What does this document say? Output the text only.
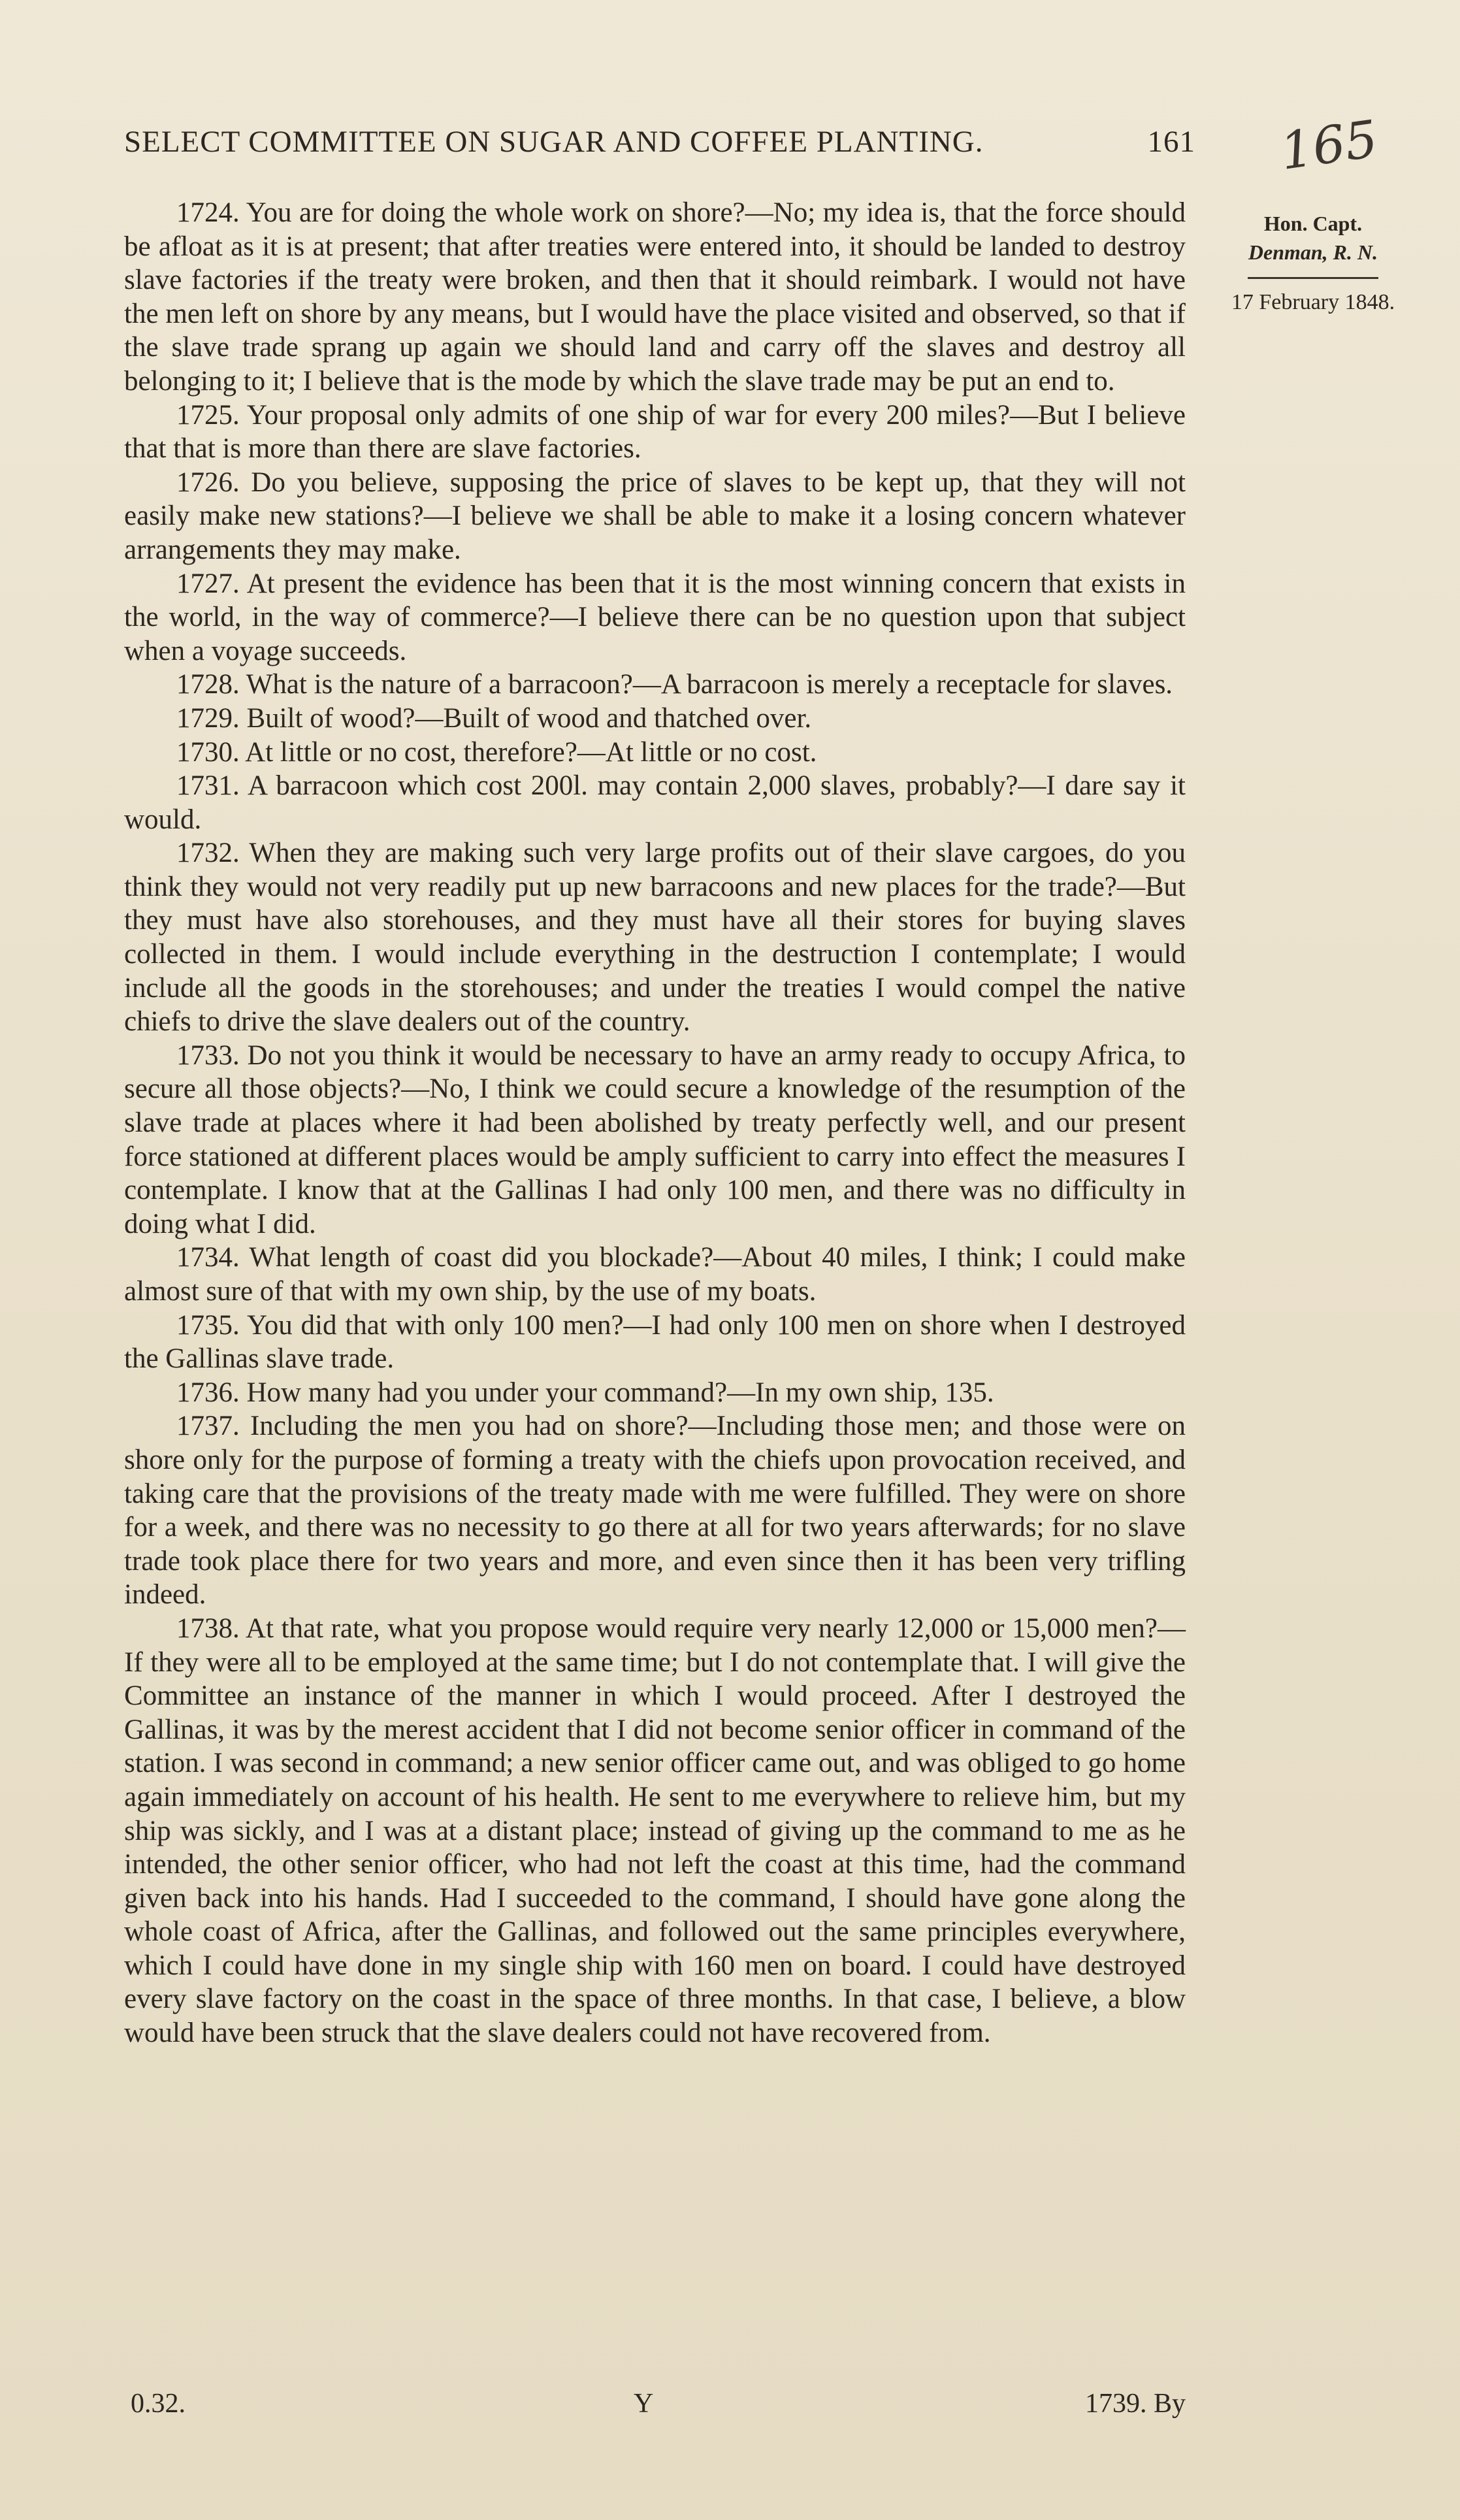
SELECT COMMITTEE ON SUGAR AND COFFEE PLANTING.	161 165
Hon. Capt.
Denman, R. N.
17 February 1848.

1724. You are for doing the whole work on shore?—No; my idea is, that the force should be afloat as it is at present; that after treaties were entered into, it should be landed to destroy slave factories if the treaty were broken, and then that it should reimbark. I would not have the men left on shore by any means, but I would have the place visited and observed, so that if the slave trade sprang up again we should land and carry off the slaves and destroy all belonging to it; I believe that is the mode by which the slave trade may be put an end to.

1725. Your proposal only admits of one ship of war for every 200 miles?—But I believe that that is more than there are slave factories.

1726. Do you believe, supposing the price of slaves to be kept up, that they will not easily make new stations?—I believe we shall be able to make it a losing concern whatever arrangements they may make.

1727. At present the evidence has been that it is the most winning concern that exists in the world, in the way of commerce?—I believe there can be no question upon that subject when a voyage succeeds.

1728. What is the nature of a barracoon?—A barracoon is merely a receptacle for slaves.

1729. Built of wood?—Built of wood and thatched over.

1730. At little or no cost, therefore?—At little or no cost.

1731. A barracoon which cost 200l. may contain 2,000 slaves, probably?—I dare say it would.

1732. When they are making such very large profits out of their slave cargoes, do you think they would not very readily put up new barracoons and new places for the trade?—But they must have also storehouses, and they must have all their stores for buying slaves collected in them. I would include everything in the destruction I contemplate; I would include all the goods in the storehouses; and under the treaties I would compel the native chiefs to drive the slave dealers out of the country.

1733. Do not you think it would be necessary to have an army ready to occupy Africa, to secure all those objects?—No, I think we could secure a knowledge of the resumption of the slave trade at places where it had been abolished by treaty perfectly well, and our present force stationed at different places would be amply sufficient to carry into effect the measures I contemplate. I know that at the Gallinas I had only 100 men, and there was no difficulty in doing what I did.

1734. What length of coast did you blockade?—About 40 miles, I think; I could make almost sure of that with my own ship, by the use of my boats.

1735. You did that with only 100 men?—I had only 100 men on shore when I destroyed the Gallinas slave trade.

1736. How many had you under your command?—In my own ship, 135.

1737. Including the men you had on shore?—Including those men; and those were on shore only for the purpose of forming a treaty with the chiefs upon provocation received, and taking care that the provisions of the treaty made with me were fulfilled. They were on shore for a week, and there was no necessity to go there at all for two years afterwards; for no slave trade took place there for two years and more, and even since then it has been very trifling indeed.

1738. At that rate, what you propose would require very nearly 12,000 or 15,000 men?—If they were all to be employed at the same time; but I do not contemplate that. I will give the Committee an instance of the manner in which I would proceed. After I destroyed the Gallinas, it was by the merest accident that I did not become senior officer in command of the station. I was second in command; a new senior officer came out, and was obliged to go home again immediately on account of his health. He sent to me everywhere to relieve him, but my ship was sickly, and I was at a distant place; instead of giving up the command to me as he intended, the other senior officer, who had not left the coast at this time, had the command given back into his hands. Had I succeeded to the command, I should have gone along the whole coast of Africa, after the Gallinas, and followed out the same principles everywhere, which I could have done in my single ship with 160 men on board. I could have destroyed every slave factory on the coast in the space of three months. In that case, I believe, a blow would have been struck that the slave dealers could not have recovered from.

0.32.	Y	1739. By
